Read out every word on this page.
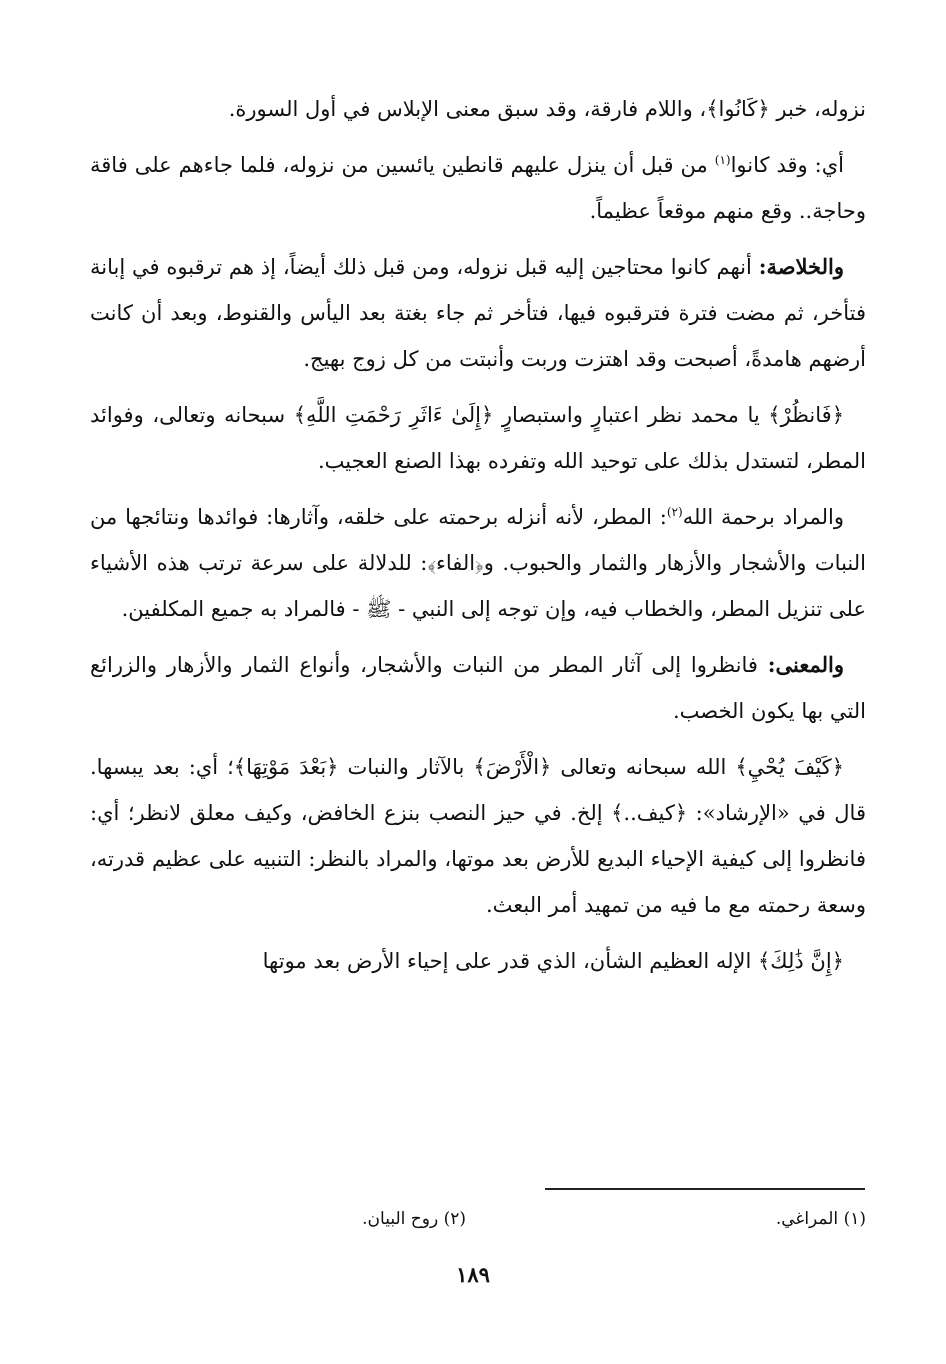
نزوله، خبر ﴿كَانُوا﴾، واللام فارقة، وقد سبق معنى الإبلاس في أول السورة.

أي: وقد كانوا$^{(١)}$ من قبل أن ينزل عليهم قانطين يائسين من نزوله، فلما جاءهم على فاقة وحاجة.. وقع منهم موقعاً عظيماً.

والخلاصة: أنهم كانوا محتاجين إليه قبل نزوله، ومن قبل ذلك أيضاً، إذ هم ترقبوه في إبانة فتأخر، ثم مضت فترة فترقبوه فيها، فتأخر ثم جاء بغتة بعد اليأس والقنوط، وبعد أن كانت أرضهم هامدةً، أصبحت وقد اهتزت وربت وأنبتت من كل زوج بهيج.

﴿فَانظُرْ﴾ يا محمد نظر اعتبارٍ واستبصارٍ ﴿إِلَىٰ ءَاثَرِ رَحْمَتِ اللَّهِ﴾ سبحانه وتعالى، وفوائد المطر، لتستدل بذلك على توحيد الله وتفرده بهذا الصنع العجيب.

والمراد برحمة الله$^{(٢)}$: المطر، لأنه أنزله برحمته على خلقه، وآثارها: فوائدها ونتائجها من النبات والأشجار والأزهار والثمار والحبوب. و﴿الفاء﴾: للدلالة على سرعة ترتب هذه الأشياء على تنزيل المطر، والخطاب فيه، وإن توجه إلى النبي - ﷺ - فالمراد به جميع المكلفين.

والمعنى: فانظروا إلى آثار المطر من النبات والأشجار، وأنواع الثمار والأزهار والزرائع التي بها يكون الخصب.

﴿كَيْفَ يُحْيِ﴾ الله سبحانه وتعالى ﴿الْأَرْضَ﴾ بالآثار والنبات ﴿بَعْدَ مَوْتِهَا﴾؛ أي: بعد يبسها. قال في «الإرشاد»: ﴿كيف..﴾ إلخ. في حيز النصب بنزع الخافض، وكيف معلق لانظر؛ أي: فانظروا إلى كيفية الإحياء البديع للأرض بعد موتها، والمراد بالنظر: التنبيه على عظيم قدرته، وسعة رحمته مع ما فيه من تمهيد أمر البعث.

﴿إِنَّ ذَٰلِكَ﴾ الإله العظيم الشأن، الذي قدر على إحياء الأرض بعد موتها

(١) المراغي.
(٢) روح البيان.
١٨٩
